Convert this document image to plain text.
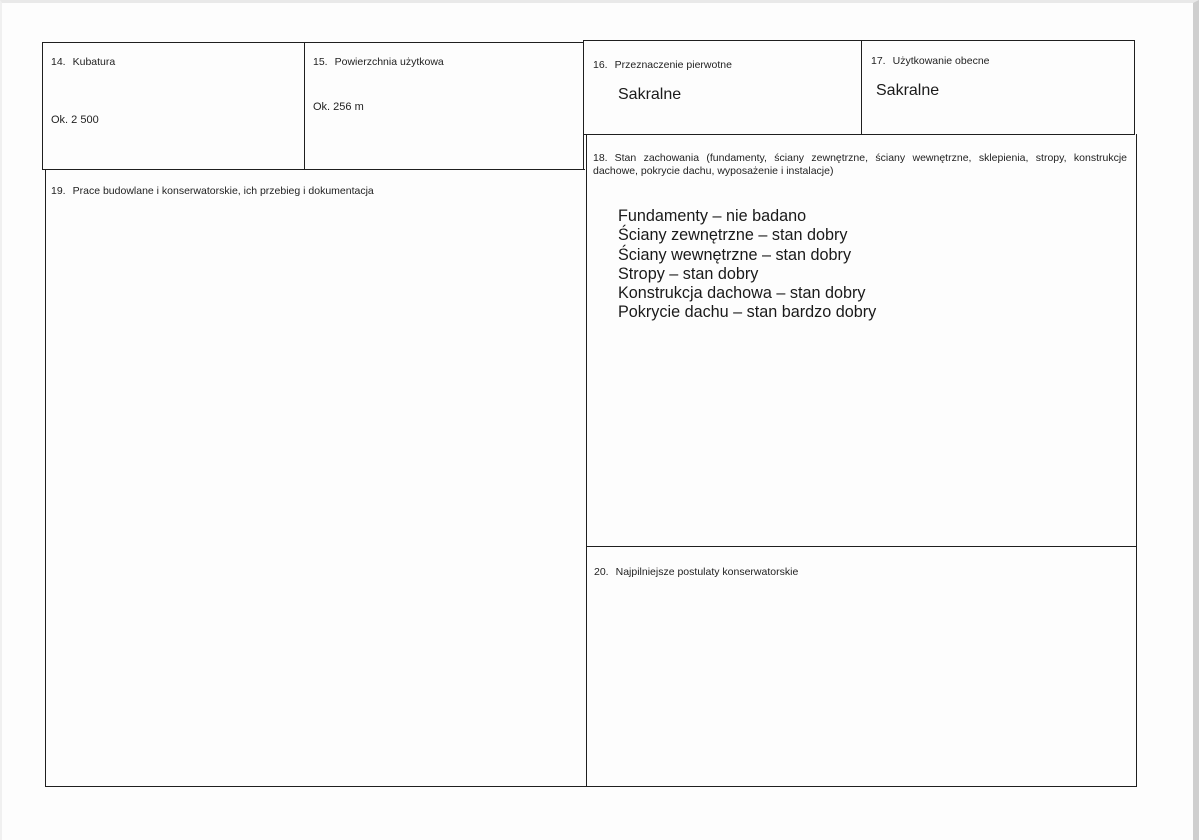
14. Kubatura
Ok. 2 500
15. Powierzchnia użytkowa
Ok. 256 m
16. Przeznaczenie pierwotne
Sakralne
17. Użytkowanie obecne
Sakralne
18. Stan zachowania (fundamenty, ściany zewnętrzne, ściany wewnętrzne, sklepienia, stropy, konstrukcje dachowe, pokrycie dachu, wyposażenie i instalacje)
Fundamenty – nie badano
Ściany zewnętrzne – stan dobry
Ściany wewnętrzne – stan dobry
Stropy – stan dobry
Konstrukcja dachowa – stan dobry
Pokrycie dachu – stan bardzo dobry
19. Prace budowlane i konserwatorskie, ich przebieg i dokumentacja
20. Najpilniejsze postulaty konserwatorskie
